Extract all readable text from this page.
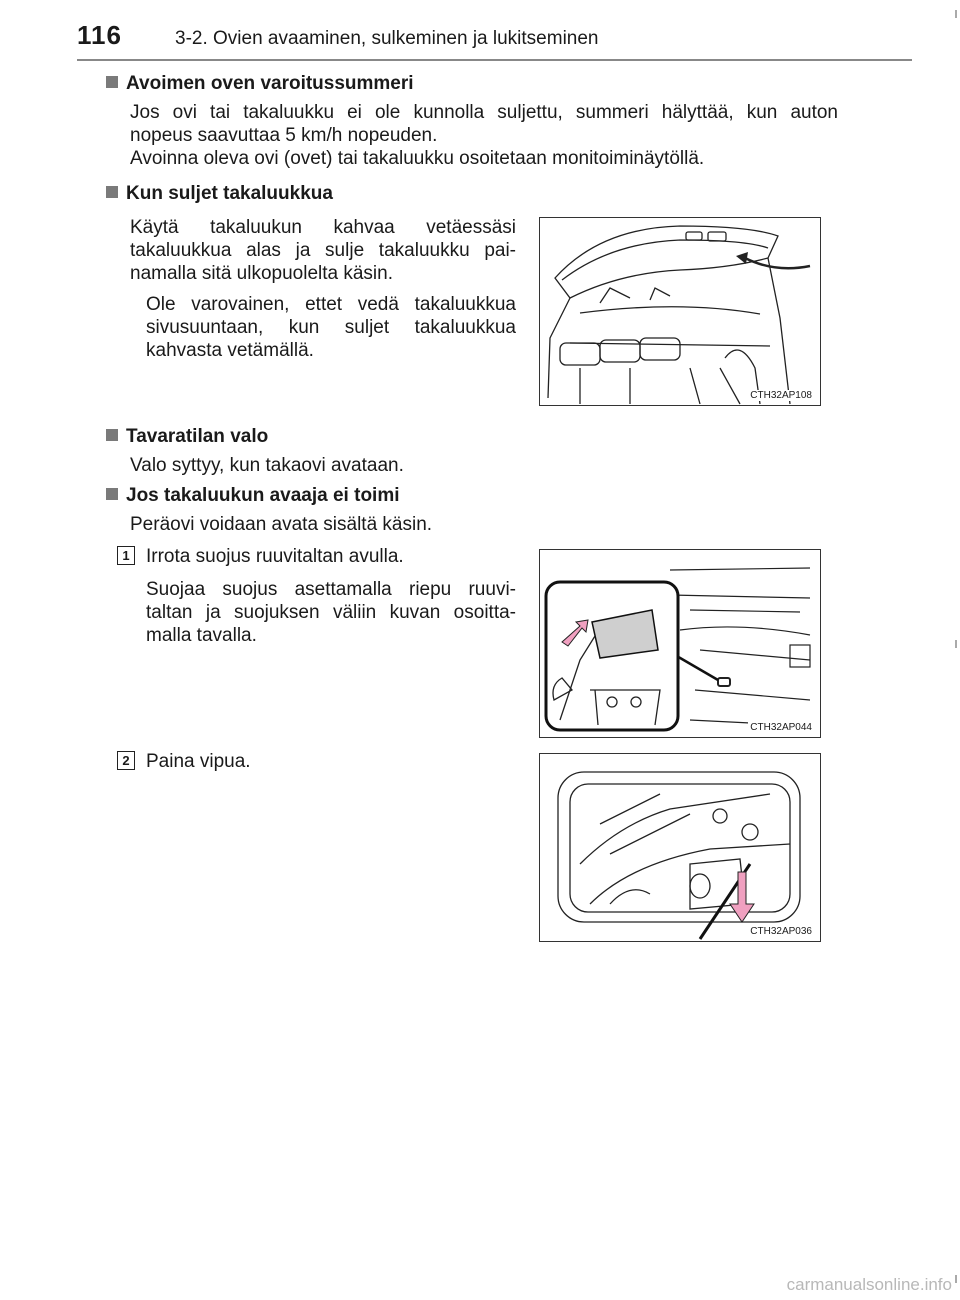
116	3-2. Ovien avaaminen, sulkeminen ja lukitseminen
Avoimen oven varoitussummeri
Jos ovi tai takaluukku ei ole kunnolla suljettu, summeri hälyttää, kun auton
nopeus saavuttaa 5 km/h nopeuden.
Avoinna oleva ovi (ovet) tai takaluukku osoitetaan monitoiminäytöllä.
Kun suljet takaluukkua
Käytä takaluukun kahvaa vetäessäsi
takaluukkua alas ja sulje takaluukku pai-
namalla sitä ulkopuolelta käsin.
Ole varovainen, ettet vedä takaluukkua
sivusuuntaan, kun suljet takaluukkua
kahvasta vetämällä.
CTH32AP108
Tavaratilan valo
Valo syttyy, kun takaovi avataan.
Jos takaluukun avaaja ei toimi
Peräovi voidaan avata sisältä käsin.
1 Irrota suojus ruuvitaltan avulla.
Suojaa suojus asettamalla riepu ruuvi-
taltan ja suojuksen väliin kuvan osoitta-
malla tavalla.
CTH32AP044
2 Paina vipua.
CTH32AP036
carmanualsonline.info
